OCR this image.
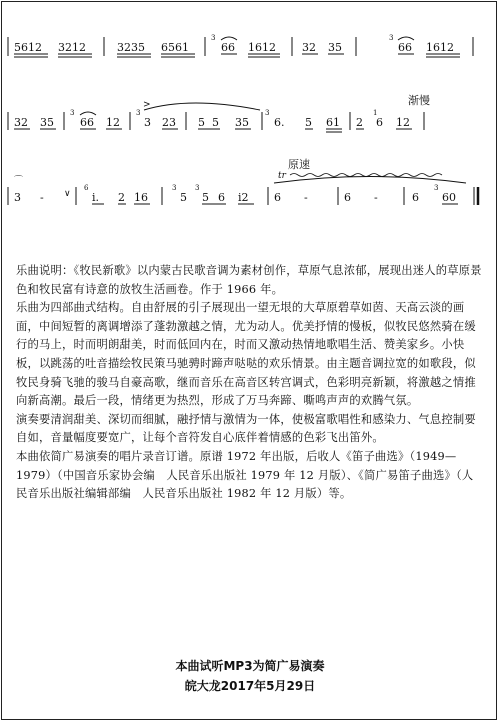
5612 3212	3235 6561
3
66 1612 32 35
3
66 1612
32 35
3
66 12
3
>
3 23 5 5 35
3
6. 5 61 2
1
6 12
⌒
3 - ∨
6
i. 2 16
3
5
3
5 6 i2 6 -	6 -	6
3
60
tr
渐慢
原速

乐曲说明：《牧民新歌》以内蒙古民歌音调为素材创作，草原气息浓郁，展现出迷人的草原景色和牧民富有诗意的放牧生活画卷。作于 1966 年。

乐曲为四部曲式结构。自由舒展的引子展现出一望无垠的大草原碧草如茵、天高云淡的画面，中间短暂的离调增添了蓬勃激越之情，尤为动人。优美抒情的慢板，似牧民悠然骑在缓行的马上，时而明朗甜美，时而低回内在，时而又激动热情地歌唱生活、赞美家乡。小快板，以跳荡的吐音描绘牧民策马驰骋时蹄声哒哒的欢乐情景。由主题音调拉宽的如歌段，似牧民身骑飞驰的骏马自豪高歌，继而音乐在高音区转宫调式，色彩明亮新颖，将激越之情推向新高潮。最后一段，情绪更为热烈，形成了万马奔蹄、嘶鸣声声的欢腾气氛。

演奏要清润甜美、深切而细腻，融抒情与激情为一体，使极富歌唱性和感染力、气息控制要自如，音量幅度要宽广，让每个音符发自心底伴着情感的色彩飞出笛外。

本曲依简广易演奏的唱片录音订谱。原谱 1972 年出版，后收人《笛子曲选》（1949—1979）（中国音乐家协会编　人民音乐出版社 1979 年 12 月版）、《简广易笛子曲选》（人民音乐出版社编辑部编　人民音乐出版社 1982 年 12 月版）等。

本曲试听MP3为简广易演奏
皖大龙2017年5月29日
